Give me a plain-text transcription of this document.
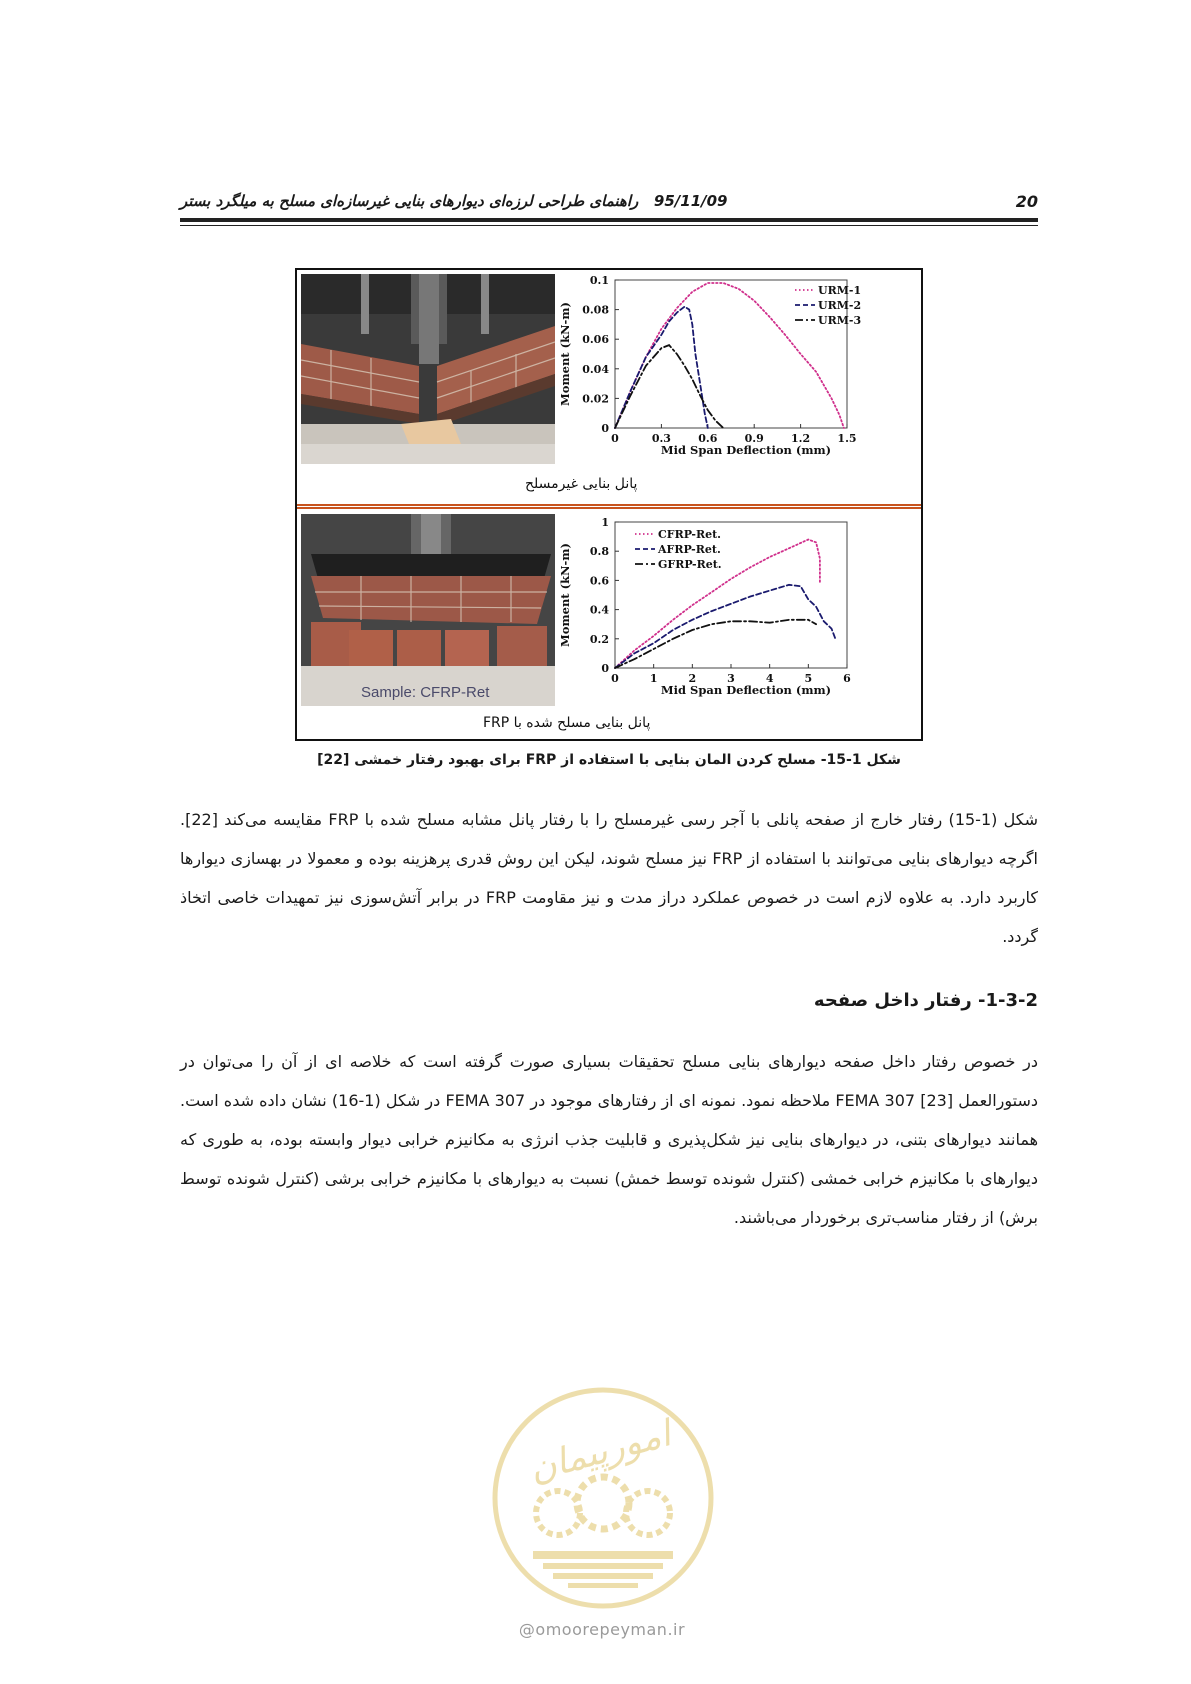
20
95/11/09   راهنمای طراحی لرزه‌ای دیوارهای بنایی غیرسازه‌ای مسلح به میلگرد بستر
0	0.3 0.6 0.9 1.2 1.5
0
0.02
0.04
0.06
0.08
0.1
Mid Span Deflection (mm)
Moment (kN-m)
URM-1
URM-2
URM-3
پانل بنایی غیرمسلح
Sample: CFRP-Ret
0	1	2	3	4	5	6
0
0.2
0.4
0.6
0.8
1
Mid Span Deflection (mm)
Moment (kN-m)
CFRP-Ret.
AFRP-Ret.
GFRP-Ret.
پانل بنایی مسلح شده با FRP
شکل 1-15- مسلح کردن المان بنایی با استفاده از FRP برای بهبود رفتار خمشی [22]
شکل (1-15) رفتار خارج از صفحه پانلی با آجر رسی غیرمسلح را با رفتار پانل مشابه مسلح شده با FRP مقایسه می‌کند [22]. اگرچه دیوارهای بنایی می‌توانند با استفاده از FRP نیز مسلح شوند، لیکن این روش قدری پرهزینه بوده و معمولا در بهسازی دیوارها کاربرد دارد. به علاوه لازم است در خصوص عملکرد دراز مدت و نیز مقاومت FRP در برابر آتش‌سوزی نیز تمهیدات خاصی اتخاذ گردد.
1-3-2- رفتار داخل صفحه
در خصوص رفتار داخل صفحه دیوارهای بنایی مسلح تحقیقات بسیاری صورت گرفته است که خلاصه ای از آن را می‌توان در دستورالعمل FEMA 307 [23] ملاحظه نمود. نمونه ای از رفتارهای موجود در FEMA 307 در شکل (1-16) نشان داده شده است. همانند دیوارهای بتنی، در دیوارهای بنایی نیز شکل‌پذیری و قابلیت جذب انرژی به مکانیزم خرابی دیوار وابسته بوده، به طوری که دیوارهای با مکانیزم خرابی خمشی (کنترل شونده توسط خمش) نسبت به دیوارهای با مکانیزم خرابی برشی (کنترل شونده توسط برش) از رفتار مناسب‌تری برخوردار می‌باشند.
امورپیمان
@omoorepeyman.ir
